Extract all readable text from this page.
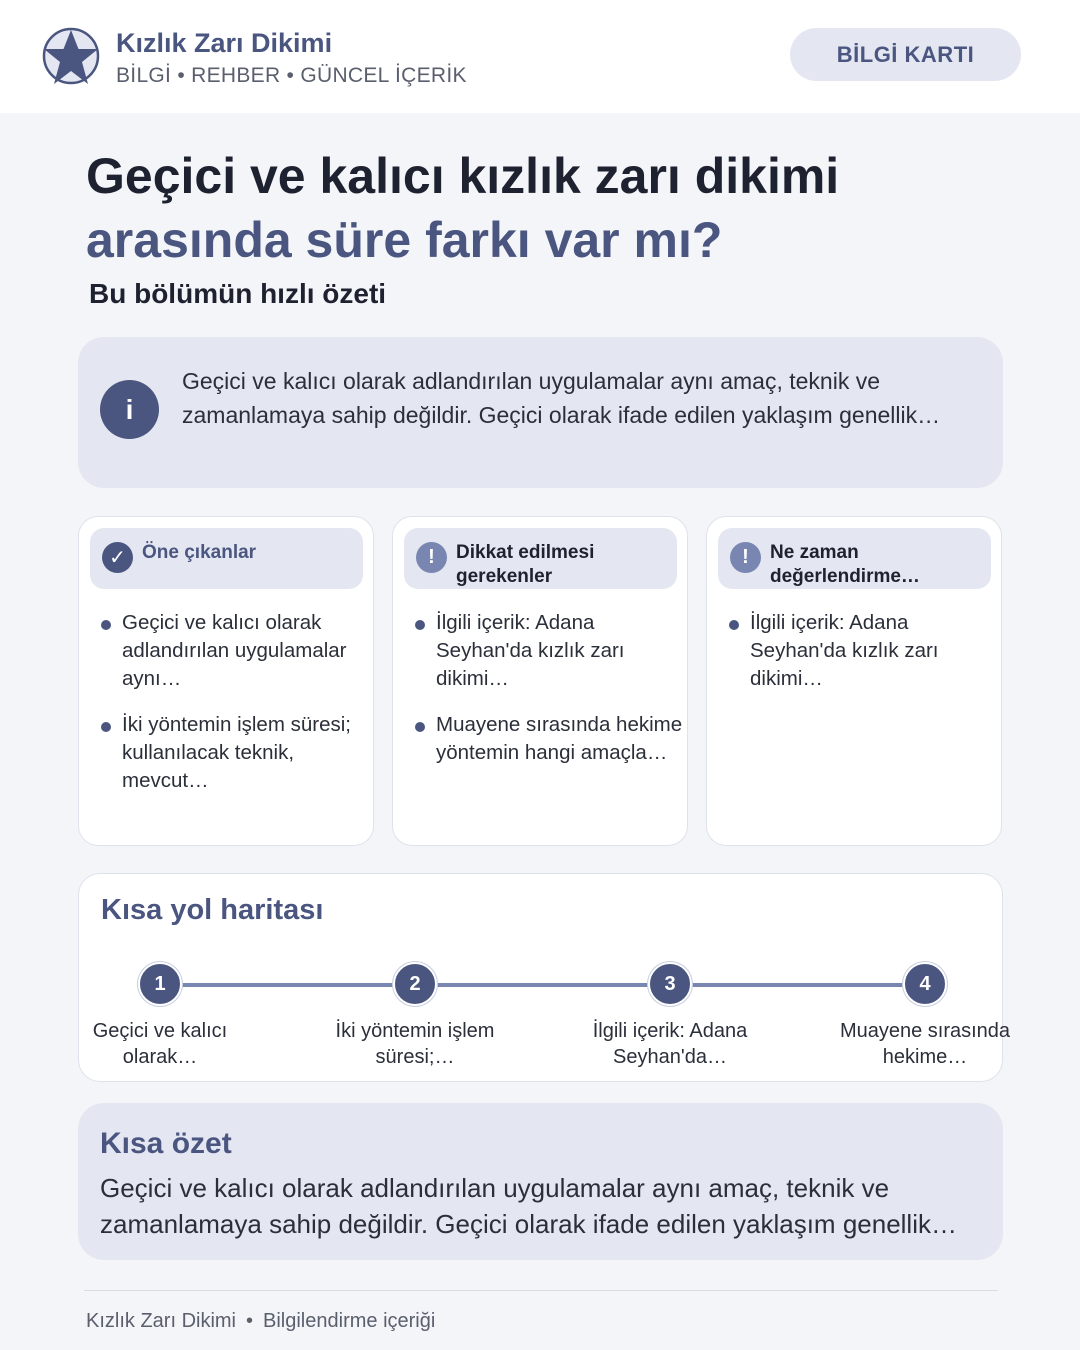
Kızlık Zarı Dikimi
BİLGİ • REHBER • GÜNCEL İÇERİK
BİLGİ KARTI
Geçici ve kalıcı kızlık zarı dikimi
arasında süre farkı var mı?
Bu bölümün hızlı özeti
i

Geçici ve kalıcı olarak adlandırılan uygulamalar aynı amaç, teknik ve zamanlamaya sahip değildir. Geçici olarak ifade edilen yaklaşım genellik…

✓ Öne çıkanlar
Geçici ve kalıcı olarak adlandırılan uygulamalar aynı…
İki yöntemin işlem süresi; kullanılacak teknik, mevcut…
!	Dikkat edilmesi gerekenler
İlgili içerik: Adana Seyhan'da kızlık zarı dikimi…
Muayene sırasında hekime yöntemin hangi amaçla…
!	Ne zaman değerlendirme…
İlgili içerik: Adana Seyhan'da kızlık zarı dikimi…
Kısa yol haritası
1	2	3	4
Geçici ve kalıcı olarak…
İki yöntemin işlem süresi;…
İlgili içerik: Adana Seyhan'da…
Muayene sırasında hekime…
Kısa özet

Geçici ve kalıcı olarak adlandırılan uygulamalar aynı amaç, teknik ve zamanlamaya sahip değildir. Geçici olarak ifade edilen yaklaşım genellik…

Kızlık Zarı Dikimi • Bilgilendirme içeriği
